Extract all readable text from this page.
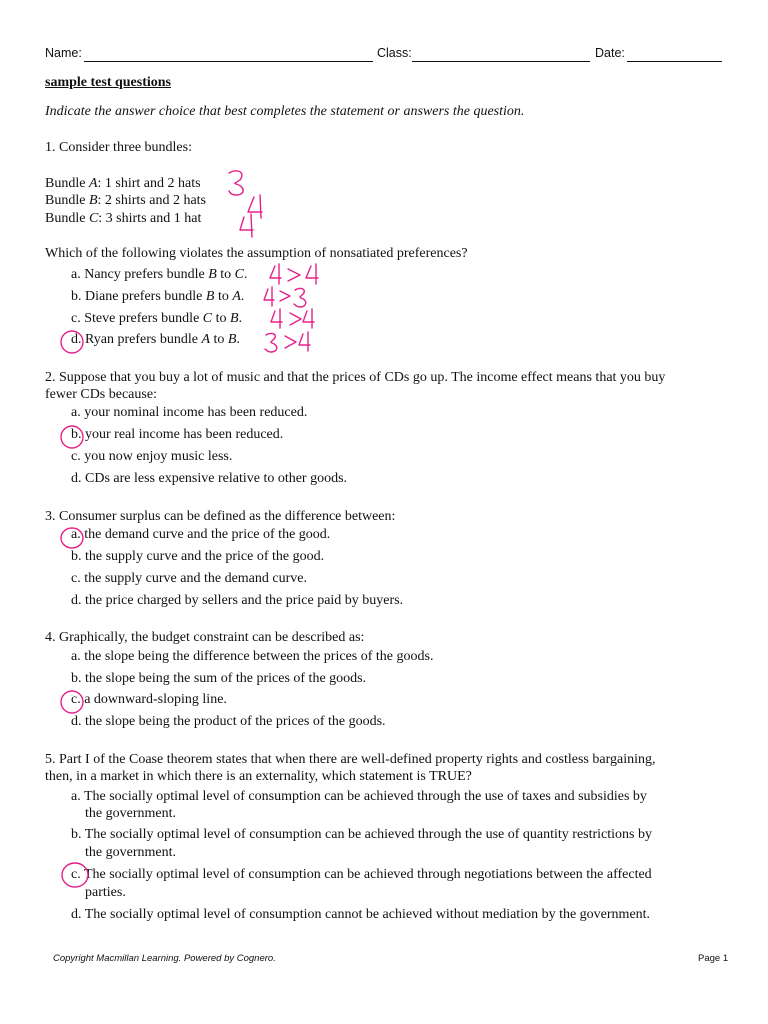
Name:	Class:	Date:
sample test questions
Indicate the answer choice that best completes the statement or answers the question.
1. Consider three bundles:
Bundle A: 1 shirt and 2 hats
Bundle B: 2 shirts and 2 hats
Bundle C: 3 shirts and 1 hat
Which of the following violates the assumption of nonsatiated preferences?
a. Nancy prefers bundle B to C.
b. Diane prefers bundle B to A.
c. Steve prefers bundle C to B.
d. Ryan prefers bundle A to B.
2. Suppose that you buy a lot of music and that the prices of CDs go up. The income effect means that you buy
fewer CDs because:
a. your nominal income has been reduced.
b. your real income has been reduced.
c. you now enjoy music less.
d. CDs are less expensive relative to other goods.
3. Consumer surplus can be defined as the difference between:
a. the demand curve and the price of the good.
b. the supply curve and the price of the good.
c. the supply curve and the demand curve.
d. the price charged by sellers and the price paid by buyers.
4. Graphically, the budget constraint can be described as:
a. the slope being the difference between the prices of the goods.
b. the slope being the sum of the prices of the goods.
c. a downward-sloping line.
d. the slope being the product of the prices of the goods.
5. Part I of the Coase theorem states that when there are well-defined property rights and costless bargaining,
then, in a market in which there is an externality, which statement is TRUE?
a. The socially optimal level of consumption can be achieved through the use of taxes and subsidies by
the government.
b. The socially optimal level of consumption can be achieved through the use of quantity restrictions by
the government.
c. The socially optimal level of consumption can be achieved through negotiations between the affected
parties.
d. The socially optimal level of consumption cannot be achieved without mediation by the government.
Copyright Macmillan Learning. Powered by Cognero.	Page 1
